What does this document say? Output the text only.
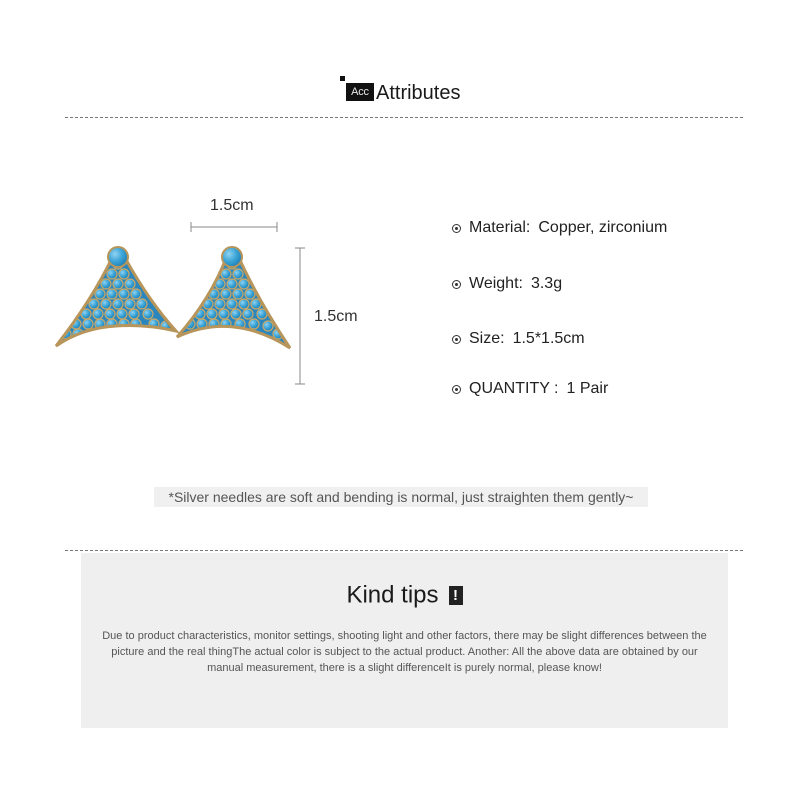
Acc Attributes
1.5cm
1.5cm
Material: Copper, zirconium
Weight: 3.3g
Size: 1.5*1.5cm
QUANTITY : 1 Pair
*Silver needles are soft and bending is normal, just straighten them gently~
Kind tips !
Due to product characteristics, monitor settings, shooting light and other factors, there may be slight differences between the picture and the real thingThe actual color is subject to the actual product. Another: All the above data are obtained by our manual measurement, there is a slight differenceIt is purely normal, please know!
